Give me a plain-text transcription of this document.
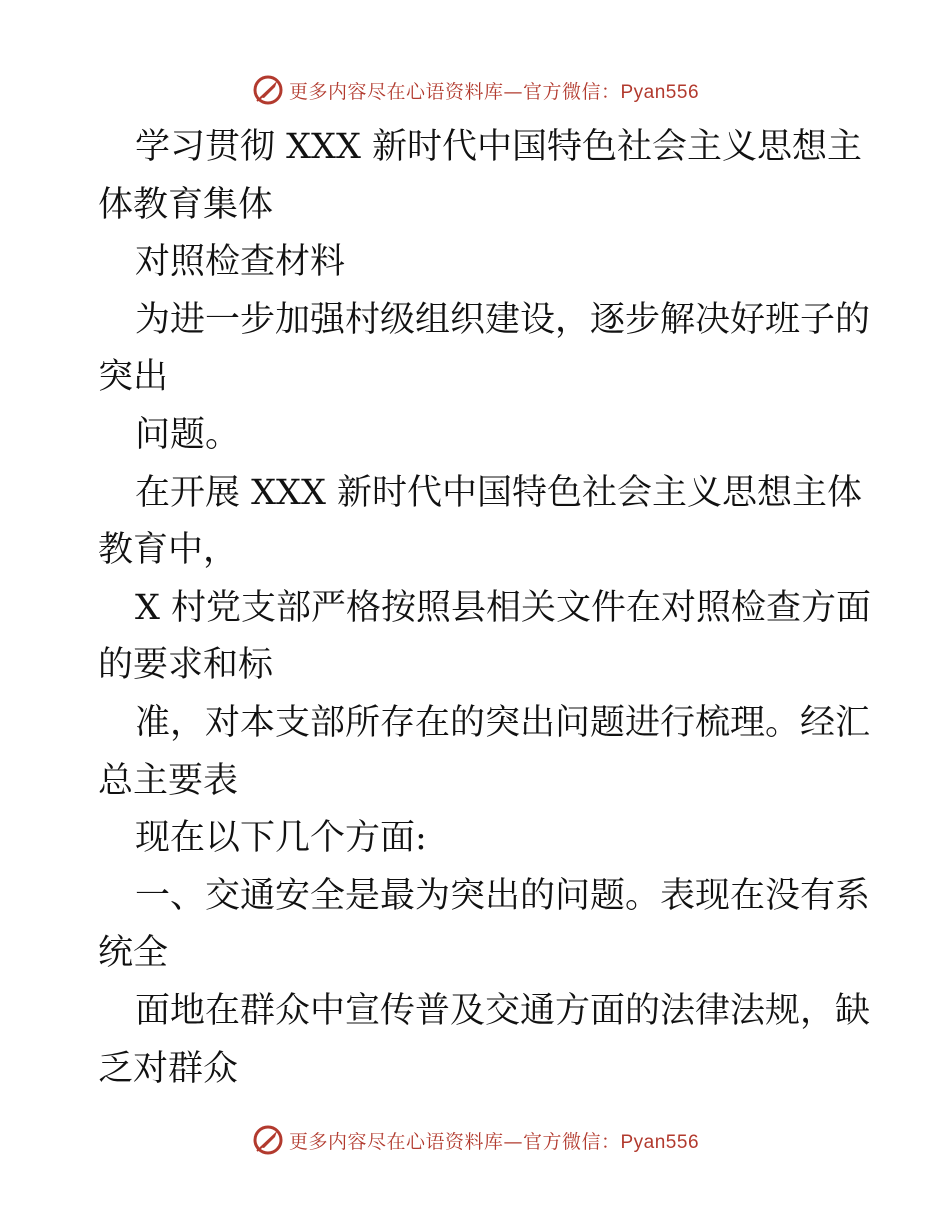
更多内容尽在心语资料库—官方微信：Pyan556
学习贯彻 XXX 新时代中国特色社会主义思想主
体教育集体
对照检查材料
为进一步加强村级组织建设，逐步解决好班子的
突出
问题。
在开展 XXX 新时代中国特色社会主义思想主体
教育中，
X 村党支部严格按照县相关文件在对照检查方面
的要求和标
准，对本支部所存在的突出问题进行梳理。经汇
总主要表
现在以下几个方面:
一、交通安全是最为突出的问题。表现在没有系
统全
面地在群众中宣传普及交通方面的法律法规，缺
乏对群众
更多内容尽在心语资料库—官方微信：Pyan556
